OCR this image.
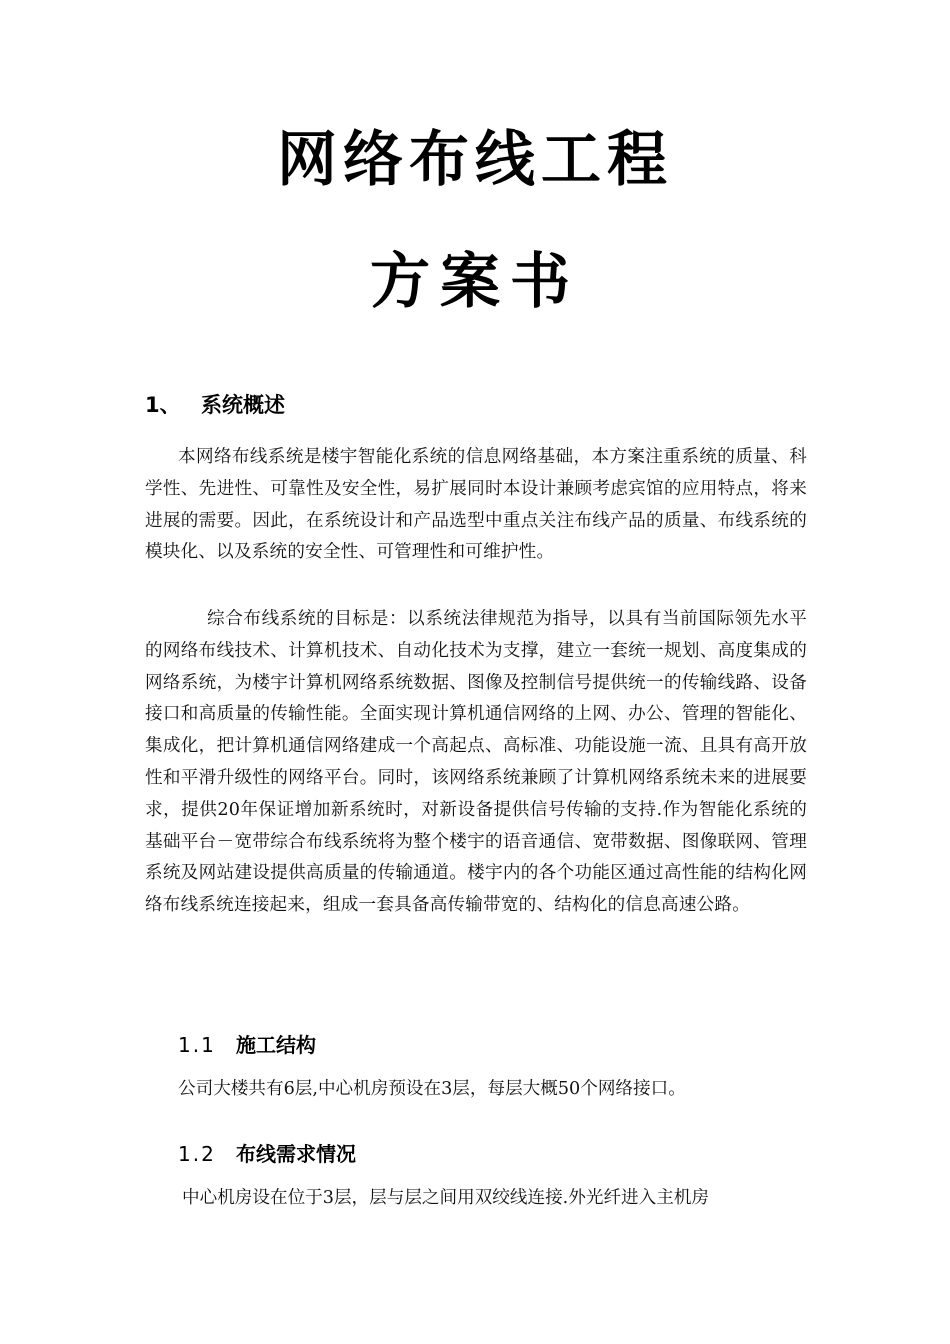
网络布线工程
方案书
1、 系统概述
本网络布线系统是楼宇智能化系统的信息网络基础，本方案注重系统的质量、科学性、先进性、可靠性及安全性，易扩展同时本设计兼顾考虑宾馆的应用特点，将来进展的需要。因此，在系统设计和产品选型中重点关注布线产品的质量、布线系统的模块化、以及系统的安全性、可管理性和可维护性。
综合布线系统的目标是：以系统法律规范为指导，以具有当前国际领先水平的网络布线技术、计算机技术、自动化技术为支撑，建立一套统一规划、高度集成的网络系统，为楼宇计算机网络系统数据、图像及控制信号提供统一的传输线路、设备接口和高质量的传输性能。全面实现计算机通信网络的上网、办公、管理的智能化、集成化，把计算机通信网络建成一个高起点、高标准、功能设施一流、且具有高开放性和平滑升级性的网络平台。同时，该网络系统兼顾了计算机网络系统未来的进展要求，提供20年保证增加新系统时，对新设备提供信号传输的支持.作为智能化系统的基础平台－宽带综合布线系统将为整个楼宇的语音通信、宽带数据、图像联网、管理系统及网站建设提供高质量的传输通道。楼宇内的各个功能区通过高性能的结构化网络布线系统连接起来，组成一套具备高传输带宽的、结构化的信息高速公路。
1.1 施工结构
公司大楼共有6层,中心机房预设在3层，每层大概50个网络接口。
1.2 布线需求情况
中心机房设在位于3层，层与层之间用双绞线连接.外光纤进入主机房
